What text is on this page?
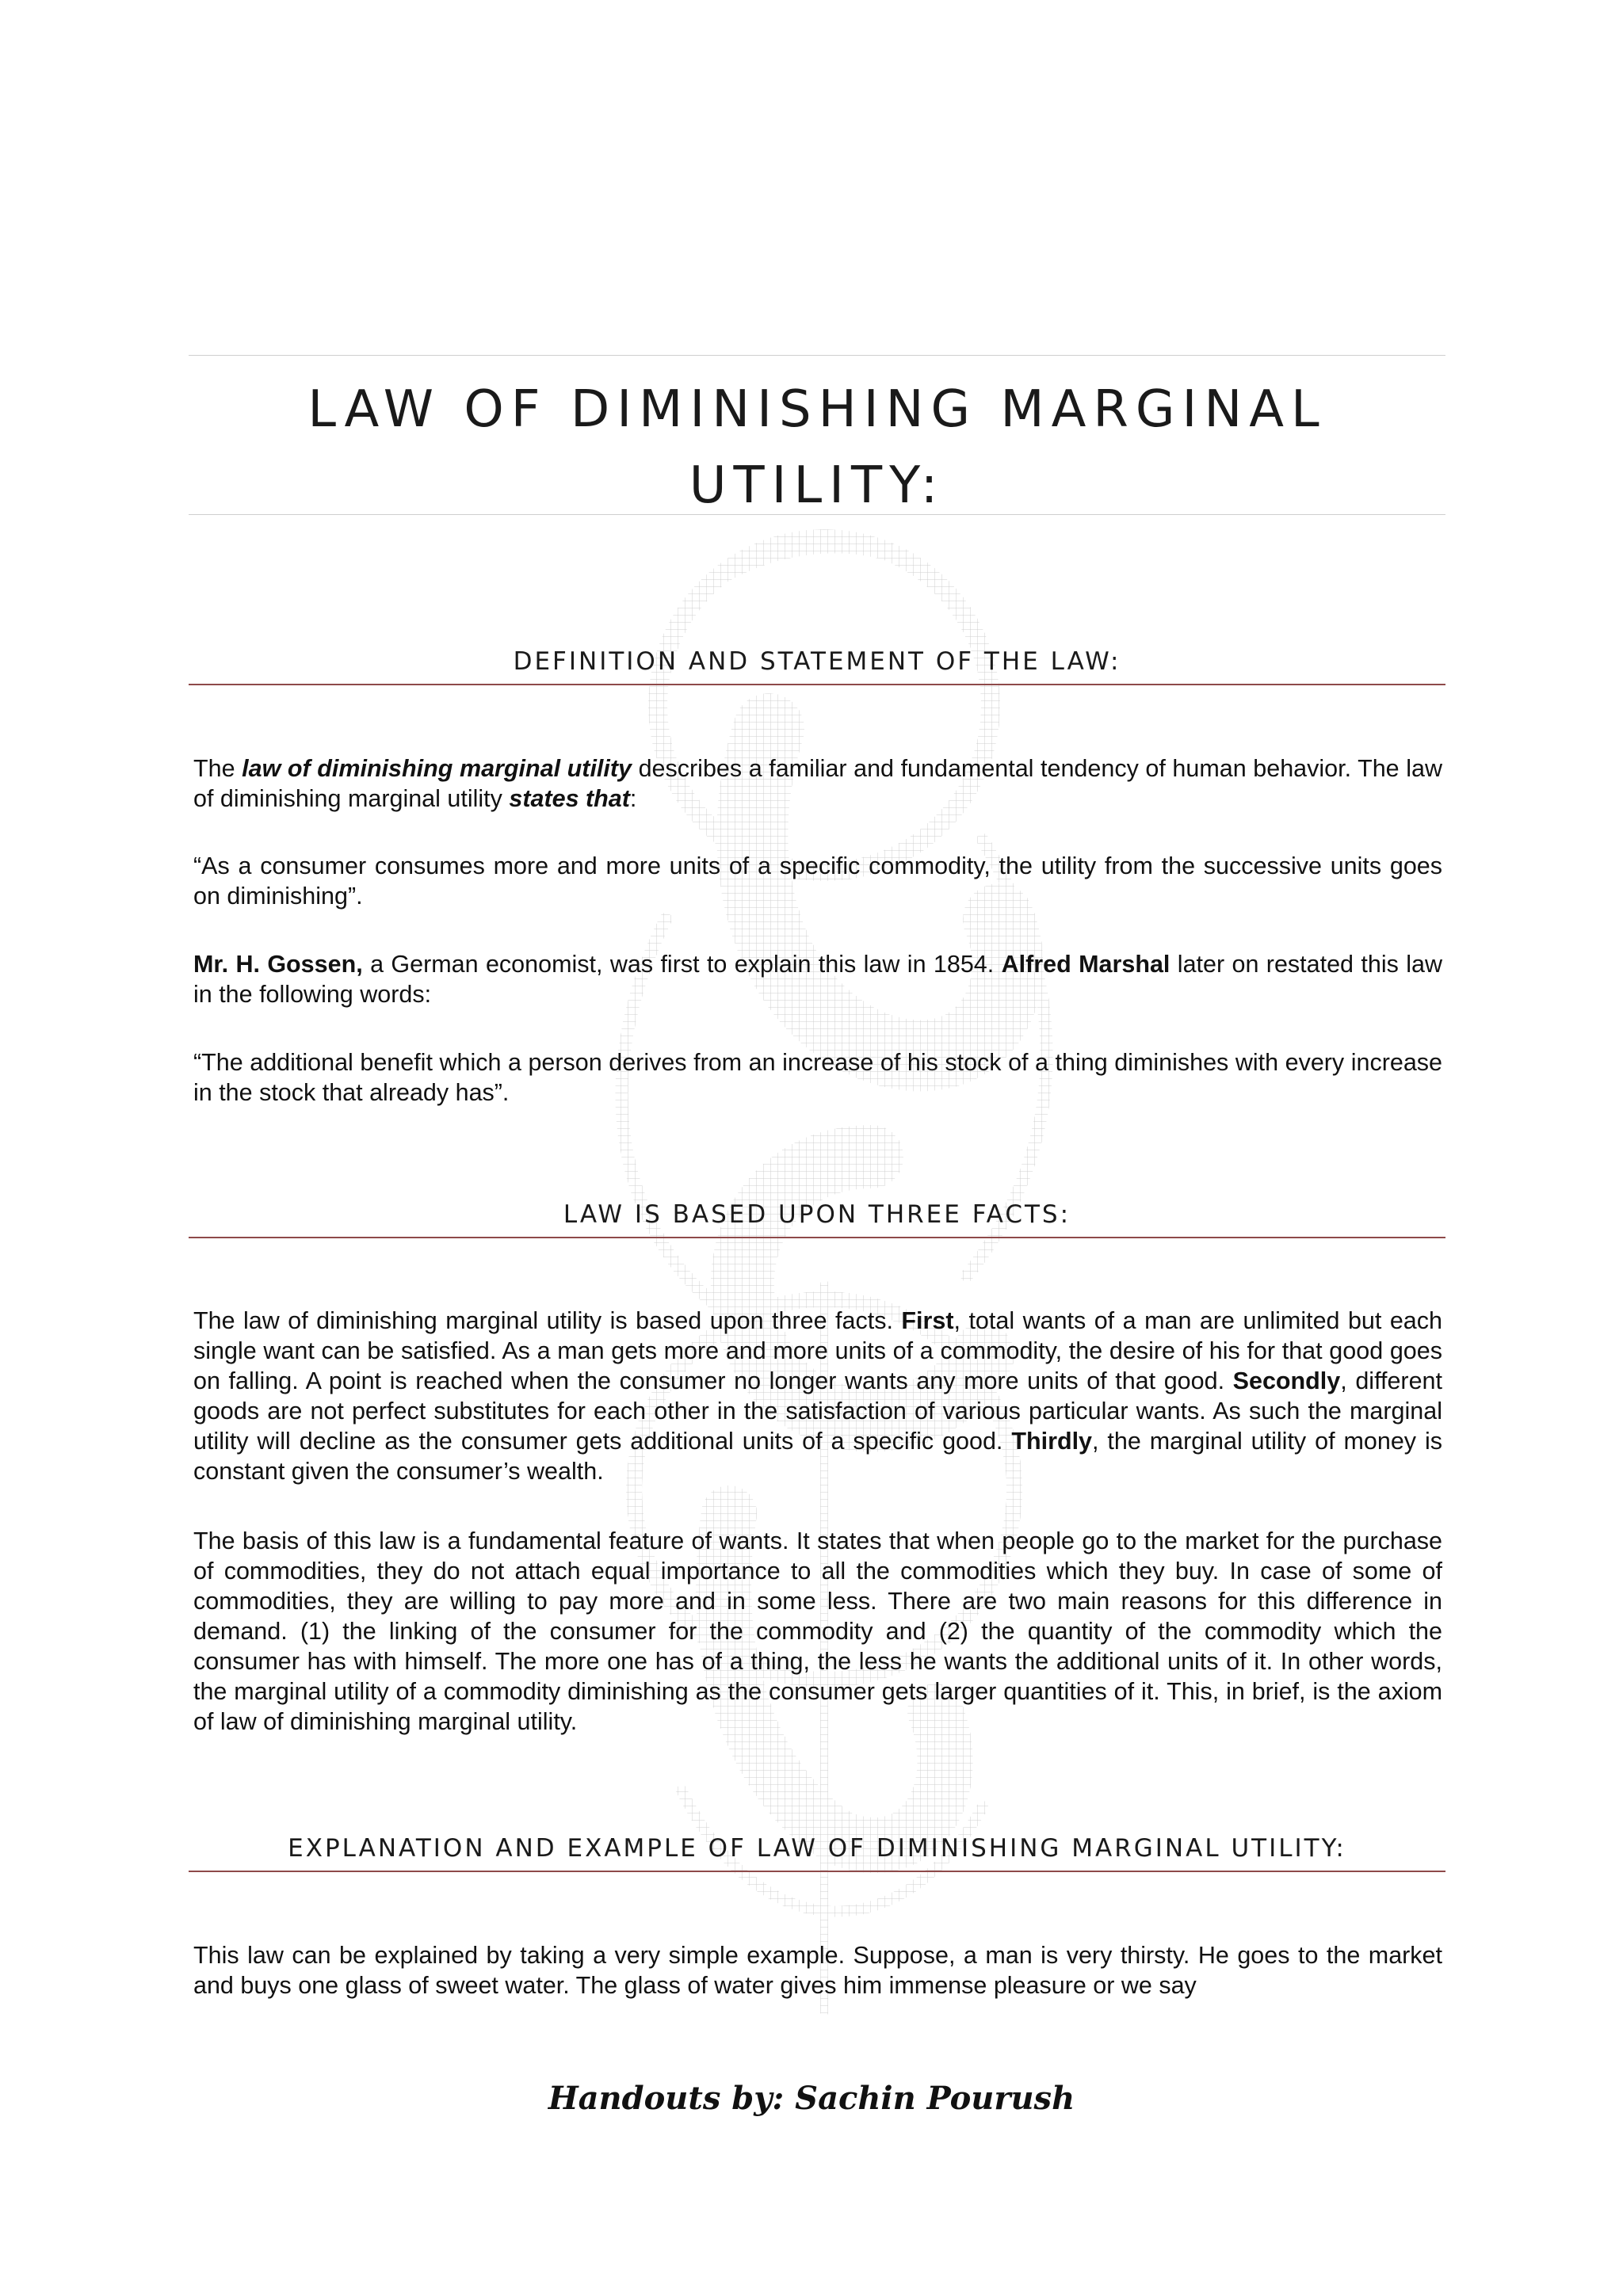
LAW OF DIMINISHING MARGINAL
UTILITY:
DEFINITION AND STATEMENT OF THE LAW:

The law of diminishing marginal utility describes a familiar and fundamental tendency of human behavior. The law of diminishing marginal utility states that:

“As a consumer consumes more and more units of a specific commodity, the utility from the successive units goes on diminishing”.

Mr. H. Gossen, a German economist, was first to explain this law in 1854. Alfred Marshal later on restated this law in the following words:

“The additional benefit which a person derives from an increase of his stock of a thing diminishes with every increase in the stock that already has”.

LAW IS BASED UPON THREE FACTS:

The law of diminishing marginal utility is based upon three facts. First, total wants of a man are unlimited but each single want can be satisfied. As a man gets more and more units of a commodity, the desire of his for that good goes on falling. A point is reached when the consumer no longer wants any more units of that good. Secondly, different goods are not perfect substitutes for each other in the satisfaction of various particular wants. As such the marginal utility will decline as the consumer gets additional units of a specific good. Thirdly, the marginal utility of money is constant given the consumer’s wealth.

The basis of this law is a fundamental feature of wants. It states that when people go to the market for the purchase of commodities, they do not attach equal importance to all the commodities which they buy. In case of some of commodities, they are willing to pay more and in some less. There are two main reasons for this difference in demand. (1) the linking of the consumer for the commodity and (2) the quantity of the commodity which the consumer has with himself. The more one has of a thing, the less he wants the additional units of it. In other words, the marginal utility of a commodity diminishing as the consumer gets larger quantities of it. This, in brief, is the axiom of law of diminishing marginal utility.

EXPLANATION AND EXAMPLE OF LAW OF DIMINISHING MARGINAL UTILITY:

This law can be explained by taking a very simple example. Suppose, a man is very thirsty. He goes to the market and buys one glass of sweet water. The glass of water gives him immense pleasure or we say

Handouts by: Sachin Pourush
